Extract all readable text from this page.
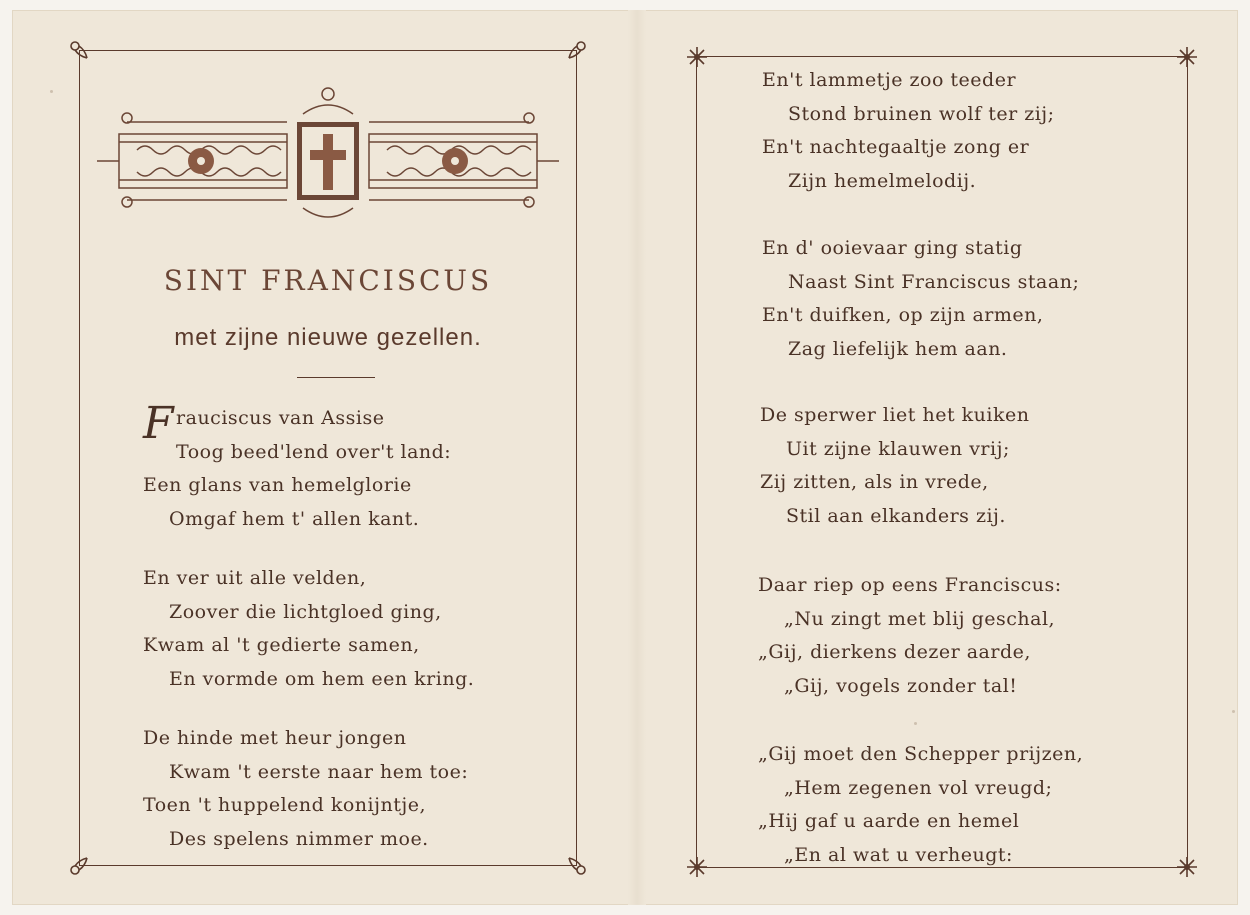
SINT FRANCISCUS
met zijne nieuwe gezellen.
F rauciscus van Assise
Toog beed'lend over't land:
Een glans van hemelglorie
Omgaf hem t' allen kant.
En ver uit alle velden,
Zoover die lichtgloed ging,
Kwam al 't gedierte samen,
En vormde om hem een kring.
De hinde met heur jongen
Kwam 't eerste naar hem toe:
Toen 't huppelend konijntje,
Des spelens nimmer moe.
En't lammetje zoo teeder
Stond bruinen wolf ter zij;
En't nachtegaaltje zong er
Zijn hemelmelodij.
En d' ooievaar ging statig
Naast Sint Franciscus staan;
En't duifken, op zijn armen,
Zag liefelijk hem aan.
De sperwer liet het kuiken
Uit zijne klauwen vrij;
Zij zitten, als in vrede,
Stil aan elkanders zij.
Daar riep op eens Franciscus:
„Nu zingt met blij geschal,
„Gij, dierkens dezer aarde,
„Gij, vogels zonder tal!
„Gij moet den Schepper prijzen,
„Hem zegenen vol vreugd;
„Hij gaf u aarde en hemel
„En al wat u verheugt:
